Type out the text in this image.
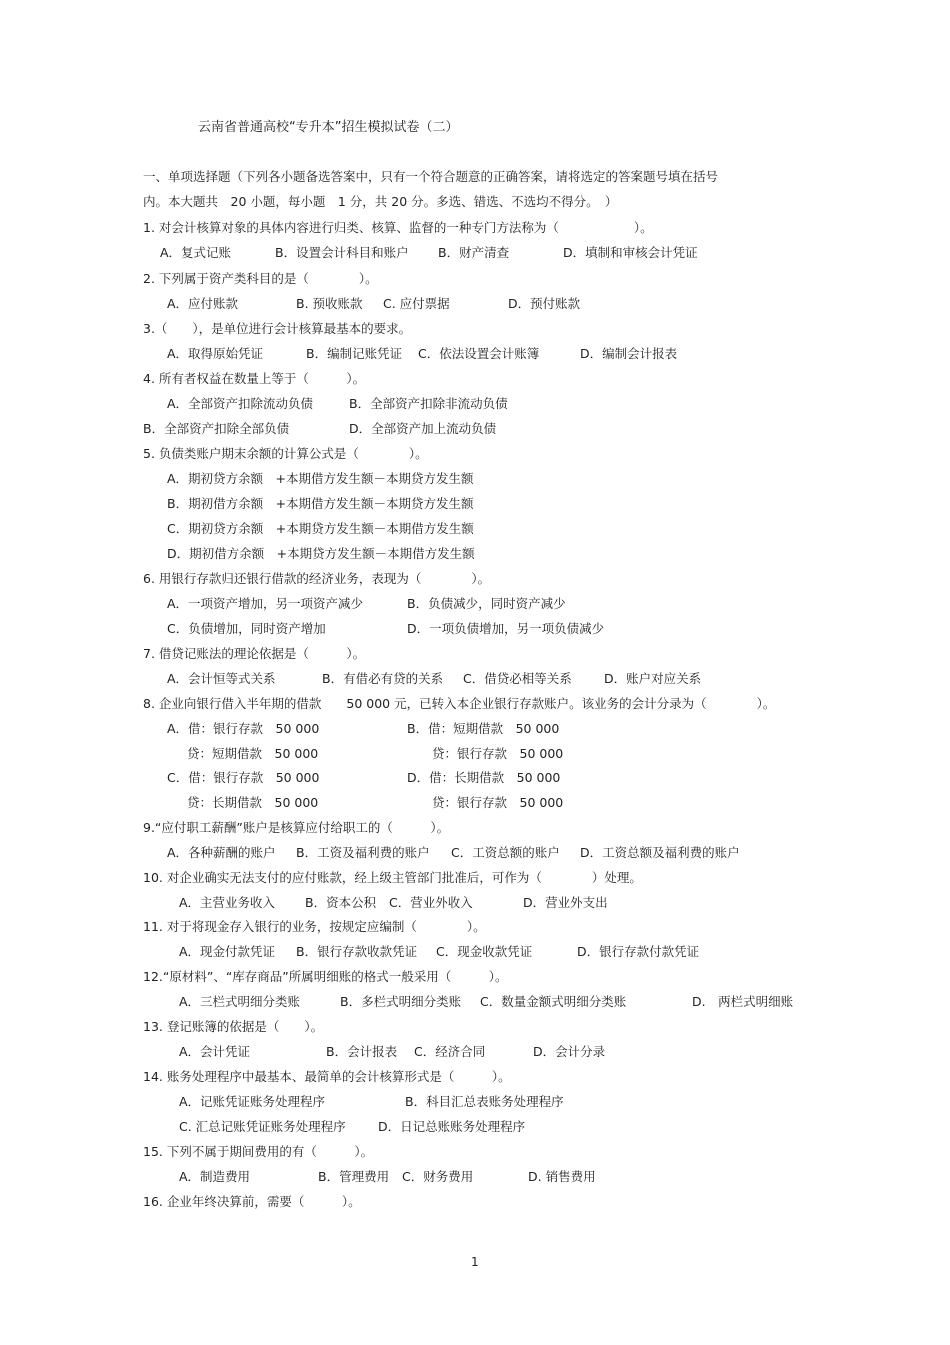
云南省普通高校“专升本”招生模拟试卷（二）
一、单项选择题（下列各小题备选答案中，只有一个符合题意的正确答案，请将选定的答案题号填在括号
内。本大题共　20 小题，每小题　1 分，共 20 分。多选、错选、不选均不得分。　）
1. 对会计核算对象的具体内容进行归类、核算、监督的一种专门方法称为（　　　　　　）。
A．复式记账	B．设置会计科目和账户 B．财产清查	D．填制和审核会计凭证
2. 下列属于资产类科目的是（　　　　）。
A．应付账款	B. 预收账款 C. 应付票据	D．预付账款
3.（　　），是单位进行会计核算最基本的要求。
A．取得原始凭证	B．编制记账凭证 C．依法设置会计账簿	D．编制会计报表
4. 所有者权益在数量上等于（　　　）。
A．全部资产扣除流动负债	B．全部资产扣除非流动负债
B．全部资产扣除全部负债	D．全部资产加上流动负债
5. 负债类账户期末余额的计算公式是（　　　　）。
A．期初贷方余额　+本期借方发生额－本期贷方发生额
B．期初借方余额　+本期借方发生额－本期贷方发生额
C．期初贷方余额　+本期贷方发生额－本期借方发生额
D．期初借方余额　+本期贷方发生额－本期借方发生额
6. 用银行存款归还银行借款的经济业务，表现为（　　　　）。
A．一项资产增加，另一项资产减少	B．负债减少，同时资产减少
C．负债增加，同时资产增加	D．一项负债增加，另一项负债减少
7. 借贷记账法的理论依据是（　　　）。
A．会计恒等式关系	B．有借必有贷的关系 C．借贷必相等关系	D．账户对应关系
8. 企业向银行借入半年期的借款　　50 000 元，已转入本企业银行存款账户。该业务的会计分录为（　　　　）。
A．借：银行存款　50 000	B．借：短期借款　50 000
贷：短期借款　50 000	贷：银行存款　50 000
C．借：银行存款　50 000	D．借：长期借款　50 000
贷：长期借款　50 000	贷：银行存款　50 000
9.“应付职工薪酬”账户是核算应付给职工的（　　　）。
A．各种薪酬的账户 B．工资及福利费的账户 C．工资总额的账户 D．工资总额及福利费的账户
10. 对企业确实无法支付的应付账款，经上级主管部门批准后，可作为（　　　　）处理。
A．主营业务收入 B．资本公积 C．营业外收入	D．营业外支出
11. 对于将现金存入银行的业务，按规定应编制（　　　　）。
A．现金付款凭证 B．银行存款收款凭证 C．现金收款凭证	D．银行存款付款凭证
12.“原材料”、“库存商品”所属明细账的格式一般采用（　　　）。
A．三栏式明细分类账	B．多栏式明细分类账 C．数量金额式明细分类账	D.　两栏式明细账
13. 登记账簿的依据是（　　）。
A．会计凭证	B．会计报表 C．经济合同	D．会计分录
14. 账务处理程序中最基本、最简单的会计核算形式是（　　　）。
A．记账凭证账务处理程序	B．科目汇总表账务处理程序
C. 汇总记账凭证账务处理程序	D．日记总账账务处理程序
15. 下列不属于期间费用的有（　　　）。
A．制造费用	B．管理费用 C．财务费用	D. 销售费用
16. 企业年终决算前，需要（　　　）。
1
